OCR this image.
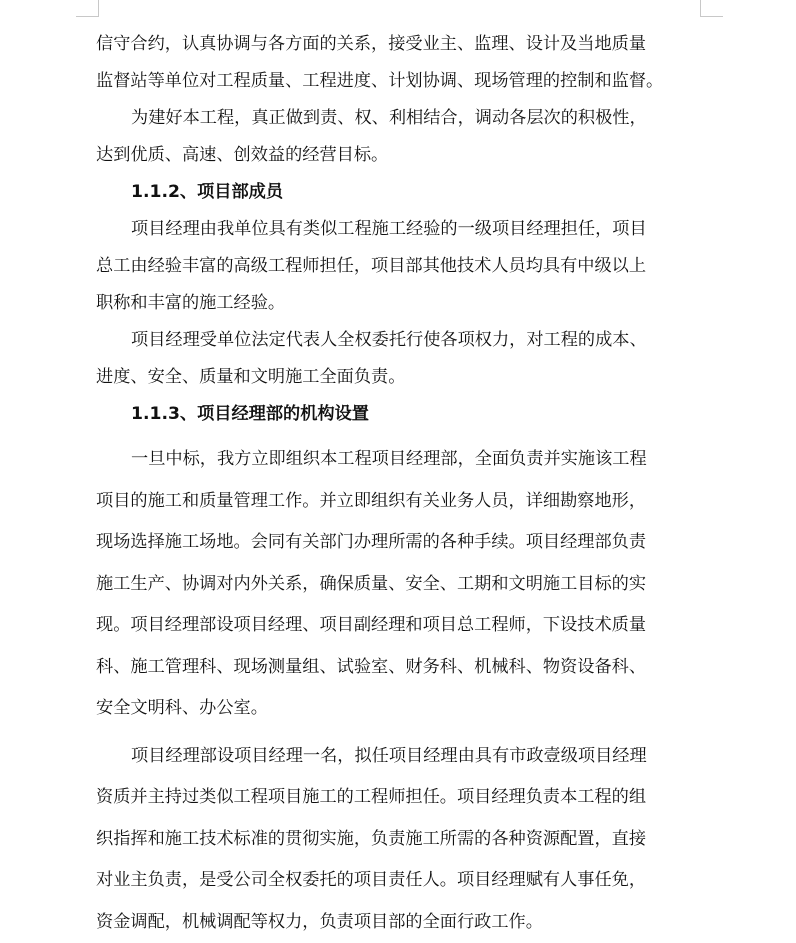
信守合约，认真协调与各方面的关系，接受业主、监理、设计及当地质量
监督站等单位对工程质量、工程进度、计划协调、现场管理的控制和监督。
为建好本工程，真正做到责、权、利相结合，调动各层次的积极性，
达到优质、高速、创效益的经营目标。
1.1.2、项目部成员
项目经理由我单位具有类似工程施工经验的一级项目经理担任，项目
总工由经验丰富的高级工程师担任，项目部其他技术人员均具有中级以上
职称和丰富的施工经验。
项目经理受单位法定代表人全权委托行使各项权力，对工程的成本、
进度、安全、质量和文明施工全面负责。
1.1.3、项目经理部的机构设置
一旦中标，我方立即组织本工程项目经理部，全面负责并实施该工程
项目的施工和质量管理工作。并立即组织有关业务人员，详细勘察地形，
现场选择施工场地。会同有关部门办理所需的各种手续。项目经理部负责
施工生产、协调对内外关系，确保质量、安全、工期和文明施工目标的实
现。项目经理部设项目经理、项目副经理和项目总工程师，下设技术质量
科、施工管理科、现场测量组、试验室、财务科、机械科、物资设备科、
安全文明科、办公室。
项目经理部设项目经理一名，拟任项目经理由具有市政壹级项目经理
资质并主持过类似工程项目施工的工程师担任。项目经理负责本工程的组
织指挥和施工技术标准的贯彻实施，负责施工所需的各种资源配置，直接
对业主负责，是受公司全权委托的项目责任人。项目经理赋有人事任免，
资金调配，机械调配等权力，负责项目部的全面行政工作。
